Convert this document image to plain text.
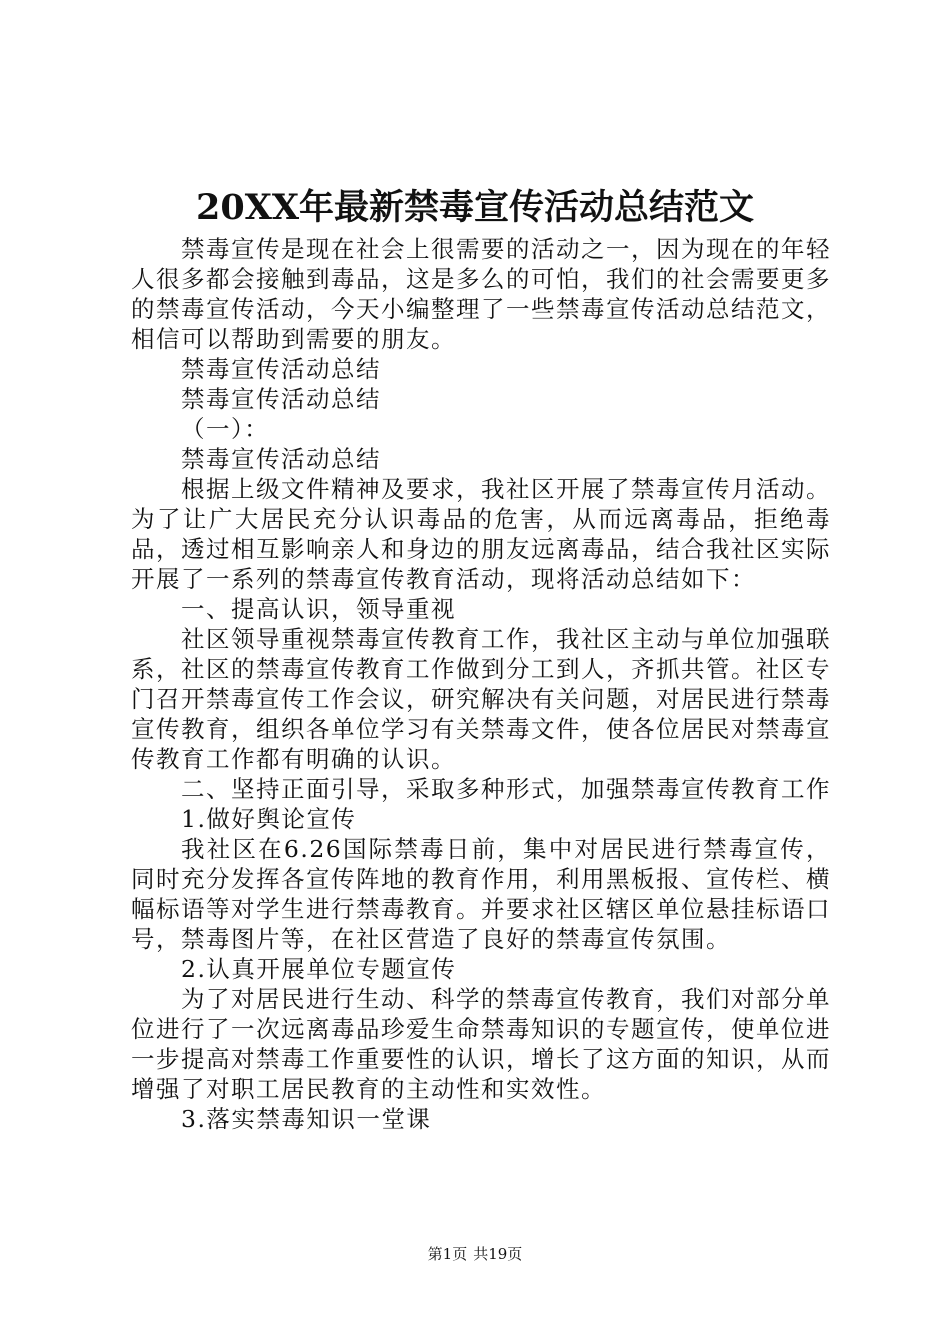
20XX年最新禁毒宣传活动总结范文

禁毒宣传是现在社会上很需要的活动之一，因为现在的年轻人很多都会接触到毒品，这是多么的可怕，我们的社会需要更多的禁毒宣传活动，今天小编整理了一些禁毒宣传活动总结范文，相信可以帮助到需要的朋友。

禁毒宣传活动总结

禁毒宣传活动总结

（一）：

禁毒宣传活动总结

根据上级文件精神及要求，我社区开展了禁毒宣传月活动。为了让广大居民充分认识毒品的危害，从而远离毒品，拒绝毒品，透过相互影响亲人和身边的朋友远离毒品，结合我社区实际开展了一系列的禁毒宣传教育活动，现将活动总结如下：

一、提高认识，领导重视

社区领导重视禁毒宣传教育工作，我社区主动与单位加强联系，社区的禁毒宣传教育工作做到分工到人，齐抓共管。社区专门召开禁毒宣传工作会议，研究解决有关问题，对居民进行禁毒宣传教育，组织各单位学习有关禁毒文件，使各位居民对禁毒宣传教育工作都有明确的认识。

二、坚持正面引导，采取多种形式，加强禁毒宣传教育工作

1.做好舆论宣传

我社区在6.26国际禁毒日前，集中对居民进行禁毒宣传，同时充分发挥各宣传阵地的教育作用，利用黑板报、宣传栏、横幅标语等对学生进行禁毒教育。并要求社区辖区单位悬挂标语口号，禁毒图片等，在社区营造了良好的禁毒宣传氛围。

2.认真开展单位专题宣传

为了对居民进行生动、科学的禁毒宣传教育，我们对部分单位进行了一次远离毒品珍爱生命禁毒知识的专题宣传，使单位进一步提高对禁毒工作重要性的认识，增长了这方面的知识，从而增强了对职工居民教育的主动性和实效性。

3.落实禁毒知识一堂课

第1页 共19页
